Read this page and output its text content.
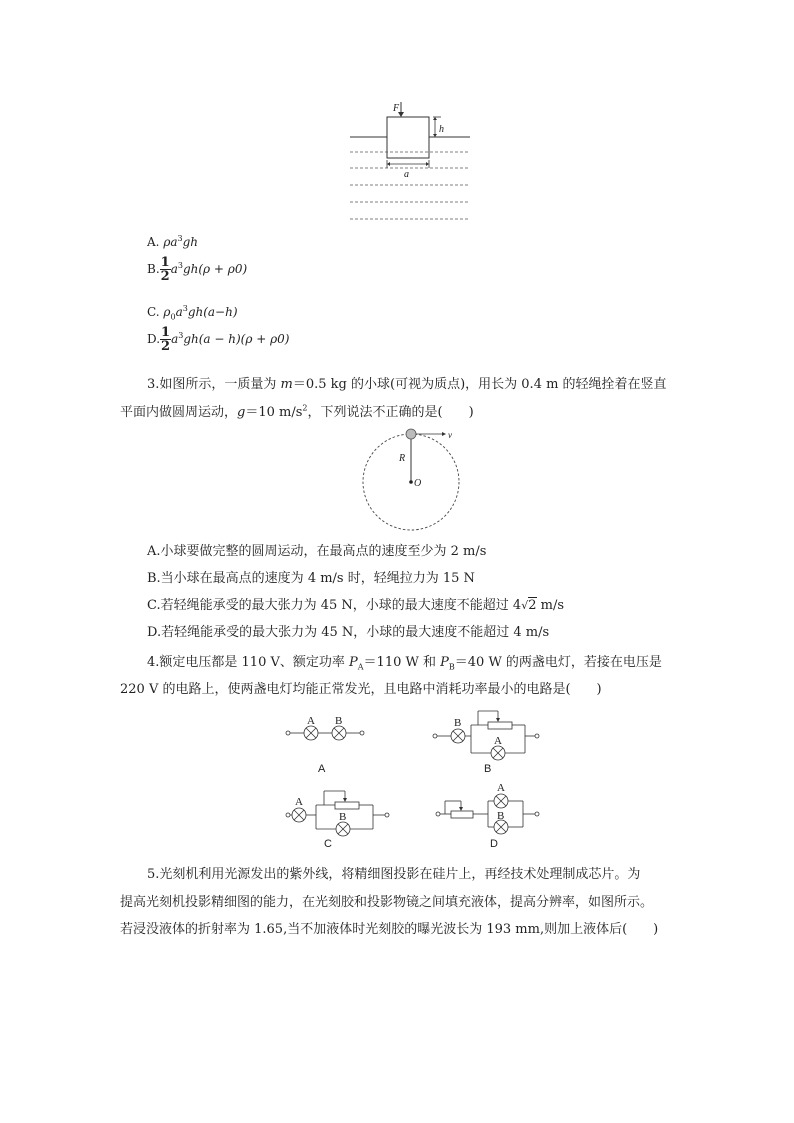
F
h
a
A. $\rho a^3gh$
B. $\frac{1}{2} a^3gh(\rho + \rho 0)$
C. $\rho_0a^3gh(a-h)$
D. $\frac{1}{2} a^3gh(a - h)(\rho + \rho 0)$
3.如图所示，一质量为 m＝0.5 kg 的小球(可视为质点)，用长为 0.4 m 的轻绳拴着在竖直
平面内做圆周运动，g＝10 $m/s^2$，下列说法不正确的是(　　)
v
R
O
A.小球要做完整的圆周运动，在最高点的速度至少为 2 m/s
B.当小球在最高点的速度为 4 m/s 时，轻绳拉力为 15 N
C.若轻绳能承受的最大张力为 45 N，小球的最大速度不能超过 4√2 m/s
D.若轻绳能承受的最大张力为 45 N，小球的最大速度不能超过 4 m/s
4.额定电压都是 110 V、额定功率 $P_A=110$ W 和 $P_B=40$ W 的两盏电灯，若接在电压是
220 V 的电路上，使两盏电灯均能正常发光，且电路中消耗功率最小的电路是(　　)
A B
A
B
A
B
A
B
C
A
B
D
5.光刻机利用光源发出的紫外线，将精细图投影在硅片上，再经技术处理制成芯片。为
提高光刻机投影精细图的能力，在光刻胶和投影物镜之间填充液体，提高分辨率，如图所示。
若浸没液体的折射率为 1.65,当不加液体时光刻胶的曝光波长为 193 mm,则加上液体后(　　)
